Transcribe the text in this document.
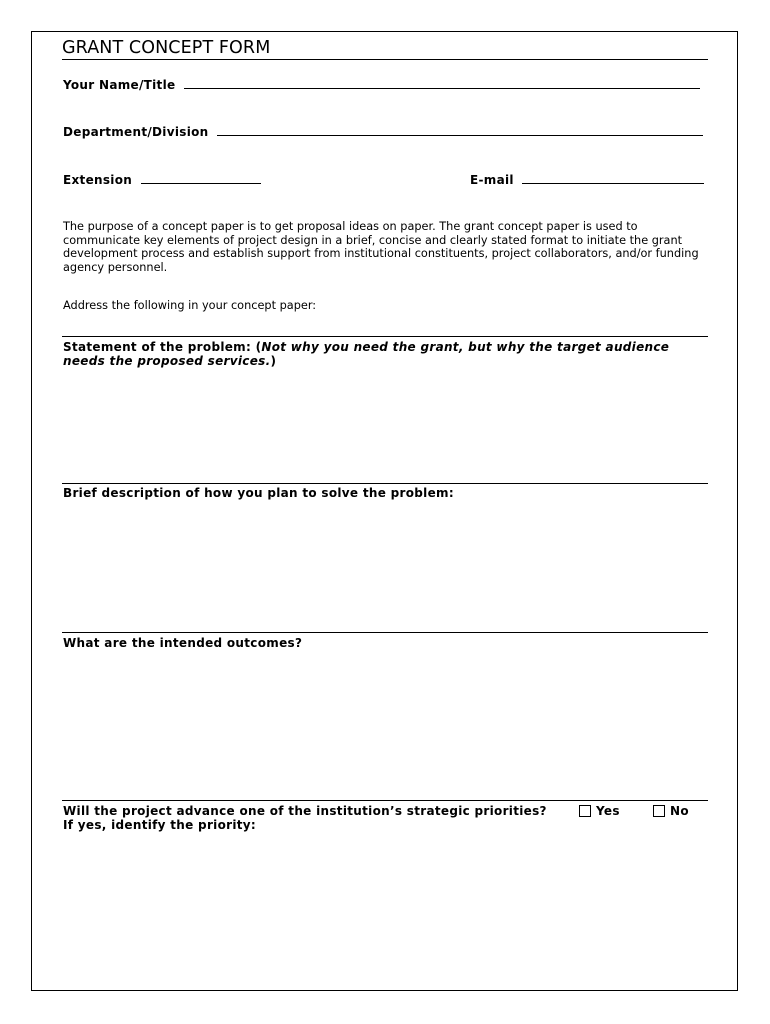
GRANT CONCEPT FORM
Your Name/Title
Department/Division
Extension	E-mail
The purpose of a concept paper is to get proposal ideas on paper. The grant concept paper is used to communicate key elements of project design in a brief, concise and clearly stated format to initiate the grant development process and establish support from institutional constituents, project collaborators, and/or funding agency personnel.
Address the following in your concept paper:
Statement of the problem: (Not why you need the grant, but why the target audience needs the proposed services.)
Brief description of how you plan to solve the problem:
What are the intended outcomes?
Will the project advance one of the institution’s strategic priorities?
If yes, identify the priority:
Yes	No
